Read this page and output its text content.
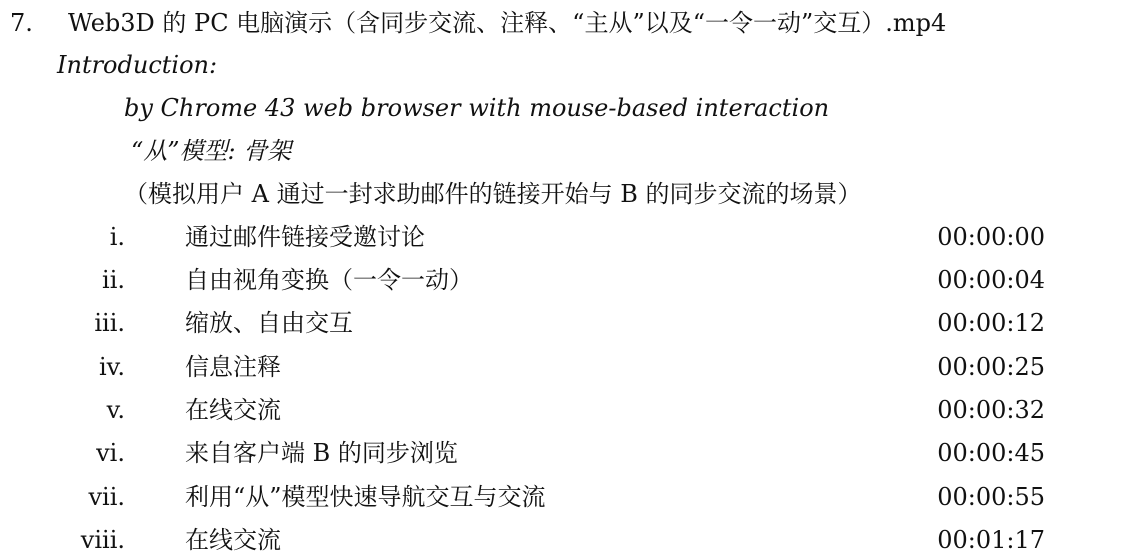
7. Web3D 的 PC 电脑演示（含同步交流、注释、“主从”以及“一令一动”交互）.mp4
Introduction:
by Chrome 43 web browser with mouse-based interaction
“从”模型: 骨架
（模拟用户 A 通过一封求助邮件的链接开始与 B 的同步交流的场景）
i.	通过邮件链接受邀讨论	00:00:00
ii.	自由视角变换（一令一动）	00:00:04
iii.	缩放、自由交互	00:00:12
iv.	信息注释	00:00:25
v.	在线交流	00:00:32
vi.	来自客户端 B 的同步浏览	00:00:45
vii.	利用“从”模型快速导航交互与交流	00:00:55
viii.	在线交流	00:01:17
